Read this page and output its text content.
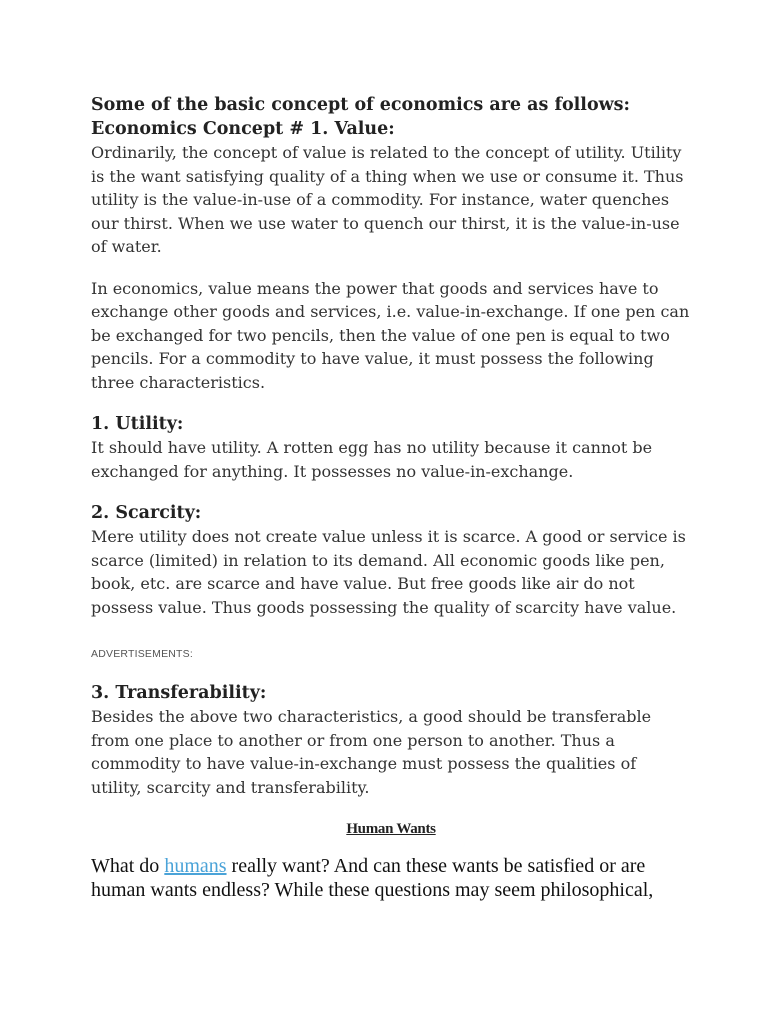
Some of the basic concept of economics are as follows:

Economics Concept # 1. Value:

Ordinarily, the concept of value is related to the concept of utility. Utility is the want satisfying quality of a thing when we use or consume it. Thus utility is the value-in-use of a commodity. For instance, water quenches our thirst. When we use water to quench our thirst, it is the value-in-use of water.

In economics, value means the power that goods and services have to exchange other goods and services, i.e. value-in-exchange. If one pen can be exchanged for two pencils, then the value of one pen is equal to two pencils. For a commodity to have value, it must possess the following three characteristics.

1. Utility:

It should have utility. A rotten egg has no utility because it cannot be exchanged for anything. It possesses no value-in-exchange.

2. Scarcity:

Mere utility does not create value unless it is scarce. A good or service is scarce (limited) in relation to its demand. All economic goods like pen, book, etc. are scarce and have value. But free goods like air do not possess value. Thus goods possessing the quality of scarcity have value.

ADVERTISEMENTS:

3. Transferability:

Besides the above two characteristics, a good should be transferable from one place to another or from one person to another. Thus a commodity to have value-in-exchange must possess the qualities of utility, scarcity and transferability.

Human Wants

What do humans really want? And can these wants be satisfied or are human wants endless? While these questions may seem philosophical,
